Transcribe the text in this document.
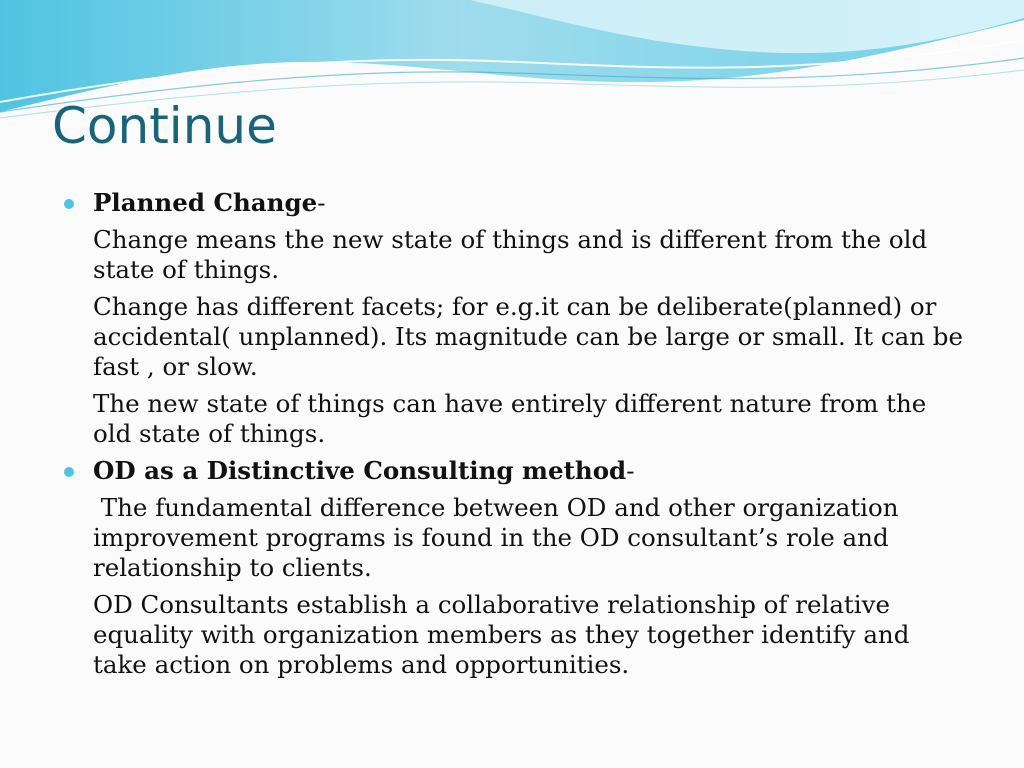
Continue

Planned Change-

Change means the new state of things and is different from the old state of things.

Change has different facets; for e.g.it can be deliberate(planned) or accidental( unplanned). Its magnitude can be large or small. It can be fast , or slow.

The new state of things can have entirely different nature from the old state of things.

OD as a Distinctive Consulting method-

The fundamental difference between OD and other organization improvement programs is found in the OD consultant’s role and relationship to clients.

OD Consultants establish a collaborative relationship of relative equality with organization members as they together identify and take action on problems and opportunities.
